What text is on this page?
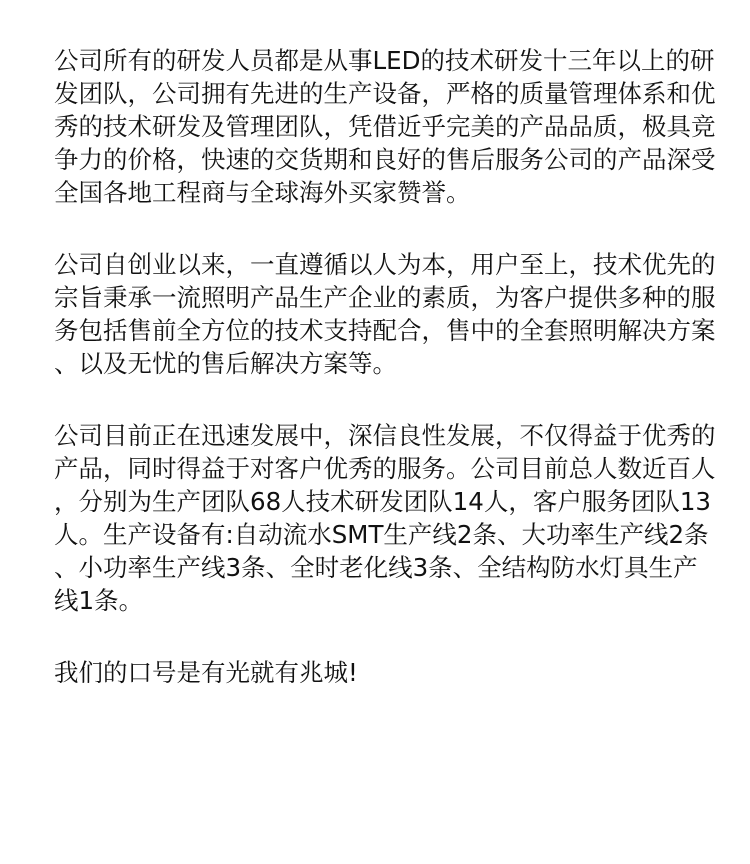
公司所有的研发人员都是从事LED的技术研发十三年以上的研
发团队，公司拥有先进的生产设备，严格的质量管理体系和优
秀的技术研发及管理团队，凭借近乎完美的产品品质，极具竞
争力的价格，快速的交货期和良好的售后服务公司的产品深受
全国各地工程商与全球海外买家赞誉。
公司自创业以来，一直遵循以人为本，用户至上，技术优先的
宗旨秉承一流照明产品生产企业的素质，为客户提供多种的服
务包括售前全方位的技术支持配合，售中的全套照明解决方案
、以及无忧的售后解决方案等。
公司目前正在迅速发展中，深信良性发展，不仅得益于优秀的
产品，同时得益于对客户优秀的服务。公司目前总人数近百人
，分别为生产团队68人技术研发团队14人，客户服务团队13
人。生产设备有:自动流水SMT生产线2条、大功率生产线2条
、小功率生产线3条、全时老化线3条、全结构防水灯具生产
线1条。
我们的口号是有光就有兆城!
